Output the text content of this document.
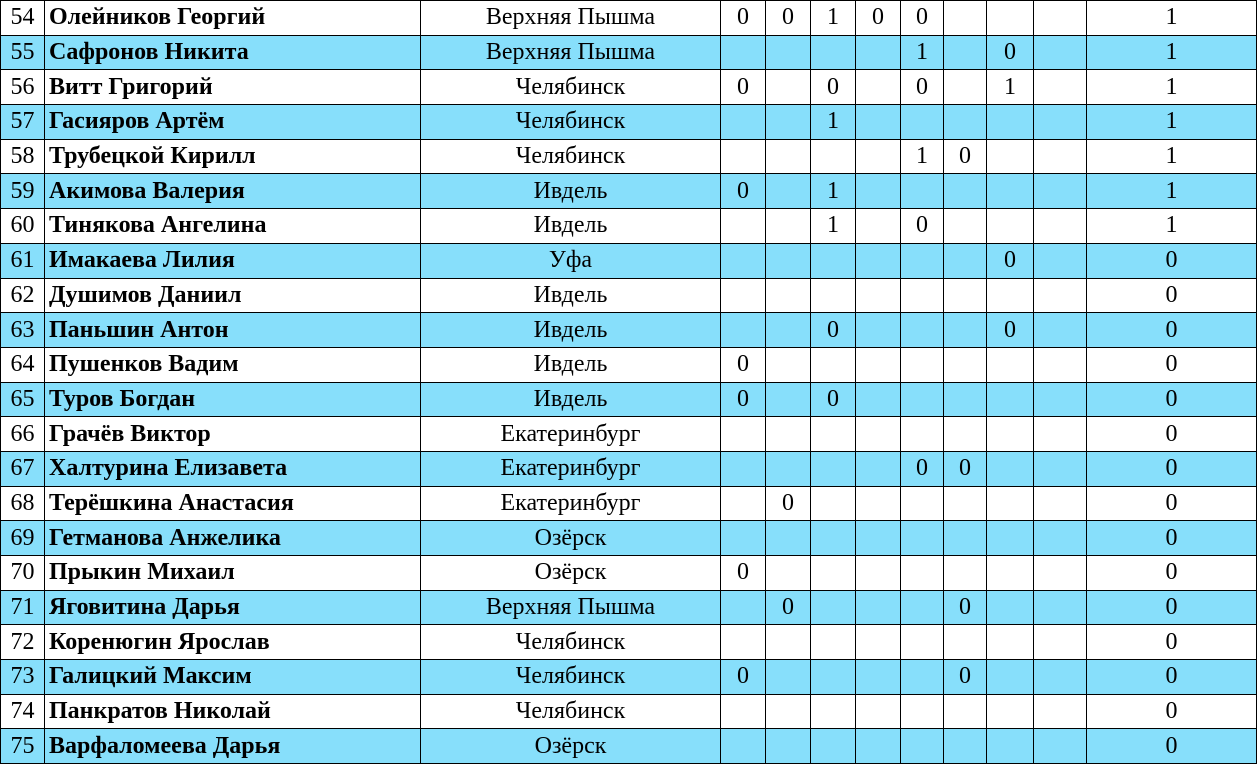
54	Олейников Георгий	Верхняя Пышма	0	0	1	0	0				1
55	Сафронов Никита	Верхняя Пышма					1		0		1
56	Витт Григорий	Челябинск	0		0		0		1		1
57	Гасияров Артём	Челябинск			1						1
58	Трубецкой Кирилл	Челябинск					1	0			1
59	Акимова Валерия	Ивдель	0		1						1
60	Тинякова Ангелина	Ивдель			1		0				1
61	Имакаева Лилия	Уфа							0		0
62	Душимов Даниил	Ивдель									0
63	Паньшин Антон	Ивдель			0				0		0
64	Пушенков Вадим	Ивдель	0								0
65	Туров Богдан	Ивдель	0		0						0
66	Грачёв Виктор	Екатеринбург									0
67	Халтурина Елизавета	Екатеринбург					0	0			0
68	Терёшкина Анастасия	Екатеринбург		0							0
69	Гетманова Анжелика	Озёрск									0
70	Прыкин Михаил	Озёрск	0								0
71	Яговитина Дарья	Верхняя Пышма		0				0			0
72	Коренюгин Ярослав	Челябинск									0
73	Галицкий Максим	Челябинск	0					0			0
74	Панкратов Николай	Челябинск									0
75	Варфаломеева Дарья	Озёрск									0
